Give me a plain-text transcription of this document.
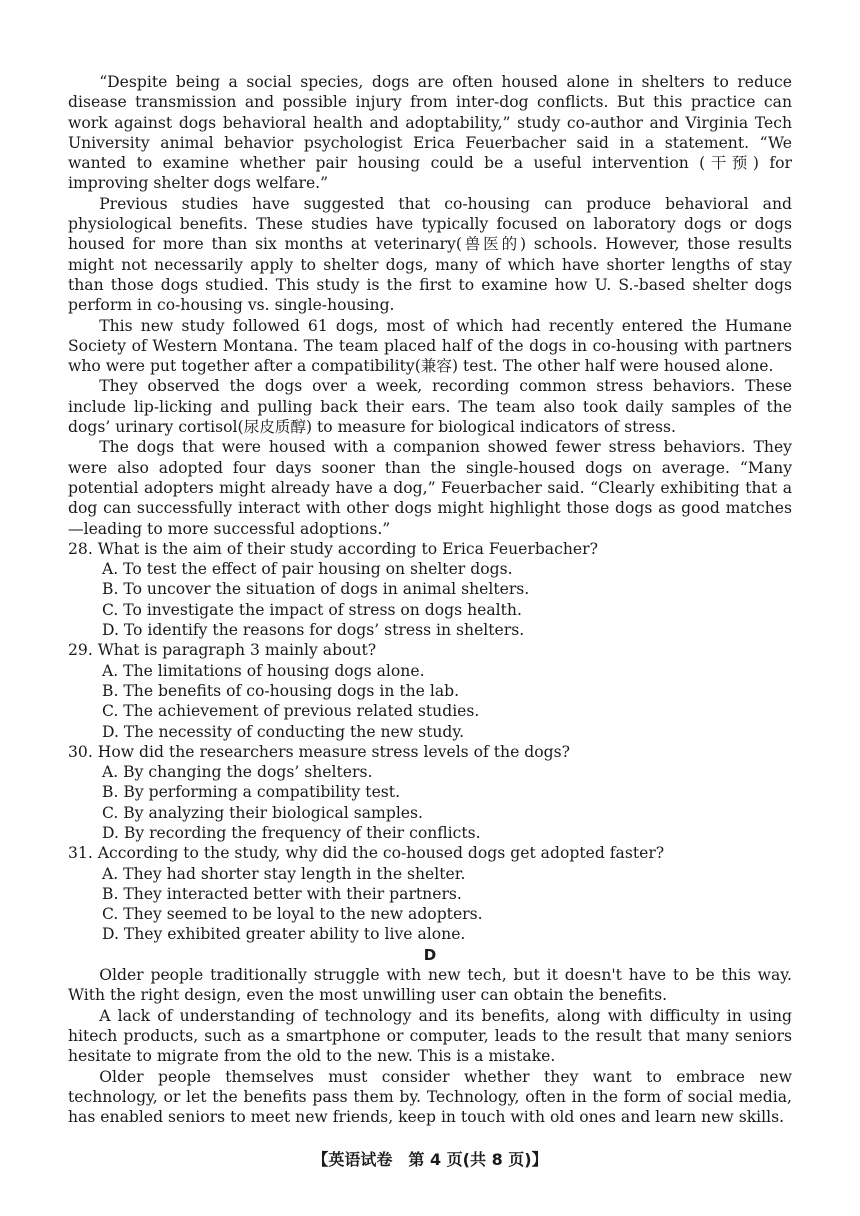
“Despite being a social species, dogs are often housed alone in shelters to reduce disease transmission and possible injury from inter-dog conflicts. But this practice can work against dogs behavioral health and adoptability,” study co-author and Virginia Tech University animal behavior psychologist Erica Feuerbacher said in a statement. “We wanted to examine whether pair housing could be a useful intervention (干预) for improving shelter dogs welfare.”

Previous studies have suggested that co-housing can produce behavioral and physiological benefits. These studies have typically focused on laboratory dogs or dogs housed for more than six months at veterinary(兽医的) schools. However, those results might not necessarily apply to shelter dogs, many of which have shorter lengths of stay than those dogs studied. This study is the first to examine how U. S.-based shelter dogs perform in co-housing vs. single-housing.

This new study followed 61 dogs, most of which had recently entered the Humane Society of Western Montana. The team placed half of the dogs in co-housing with partners who were put together after a compatibility(兼容) test. The other half were housed alone.

They observed the dogs over a week, recording common stress behaviors. These include lip-licking and pulling back their ears. The team also took daily samples of the dogs’ urinary cortisol(尿皮质醇) to measure for biological indicators of stress.

The dogs that were housed with a companion showed fewer stress behaviors. They were also adopted four days sooner than the single-housed dogs on average. “Many potential adopters might already have a dog,” Feuerbacher said. “Clearly exhibiting that a dog can successfully interact with other dogs might highlight those dogs as good matches—leading to more successful adoptions.”

28. What is the aim of their study according to Erica Feuerbacher?

A. To test the effect of pair housing on shelter dogs.

B. To uncover the situation of dogs in animal shelters.

C. To investigate the impact of stress on dogs health.

D. To identify the reasons for dogs’ stress in shelters.

29. What is paragraph 3 mainly about?

A. The limitations of housing dogs alone.

B. The benefits of co-housing dogs in the lab.

C. The achievement of previous related studies.

D. The necessity of conducting the new study.

30. How did the researchers measure stress levels of the dogs?

A. By changing the dogs’ shelters.

B. By performing a compatibility test.

C. By analyzing their biological samples.

D. By recording the frequency of their conflicts.

31. According to the study, why did the co-housed dogs get adopted faster?

A. They had shorter stay length in the shelter.

B. They interacted better with their partners.

C. They seemed to be loyal to the new adopters.

D. They exhibited greater ability to live alone.

D

Older people traditionally struggle with new tech, but it doesn't have to be this way. With the right design, even the most unwilling user can obtain the benefits.

A lack of understanding of technology and its benefits, along with difficulty in using hitech products, such as a smartphone or computer, leads to the result that many seniors hesitate to migrate from the old to the new. This is a mistake.

Older people themselves must consider whether they want to embrace new technology, or let the benefits pass them by. Technology, often in the form of social media, has enabled seniors to meet new friends, keep in touch with old ones and learn new skills.

【英语试卷　第 4 页(共 8 页)】
